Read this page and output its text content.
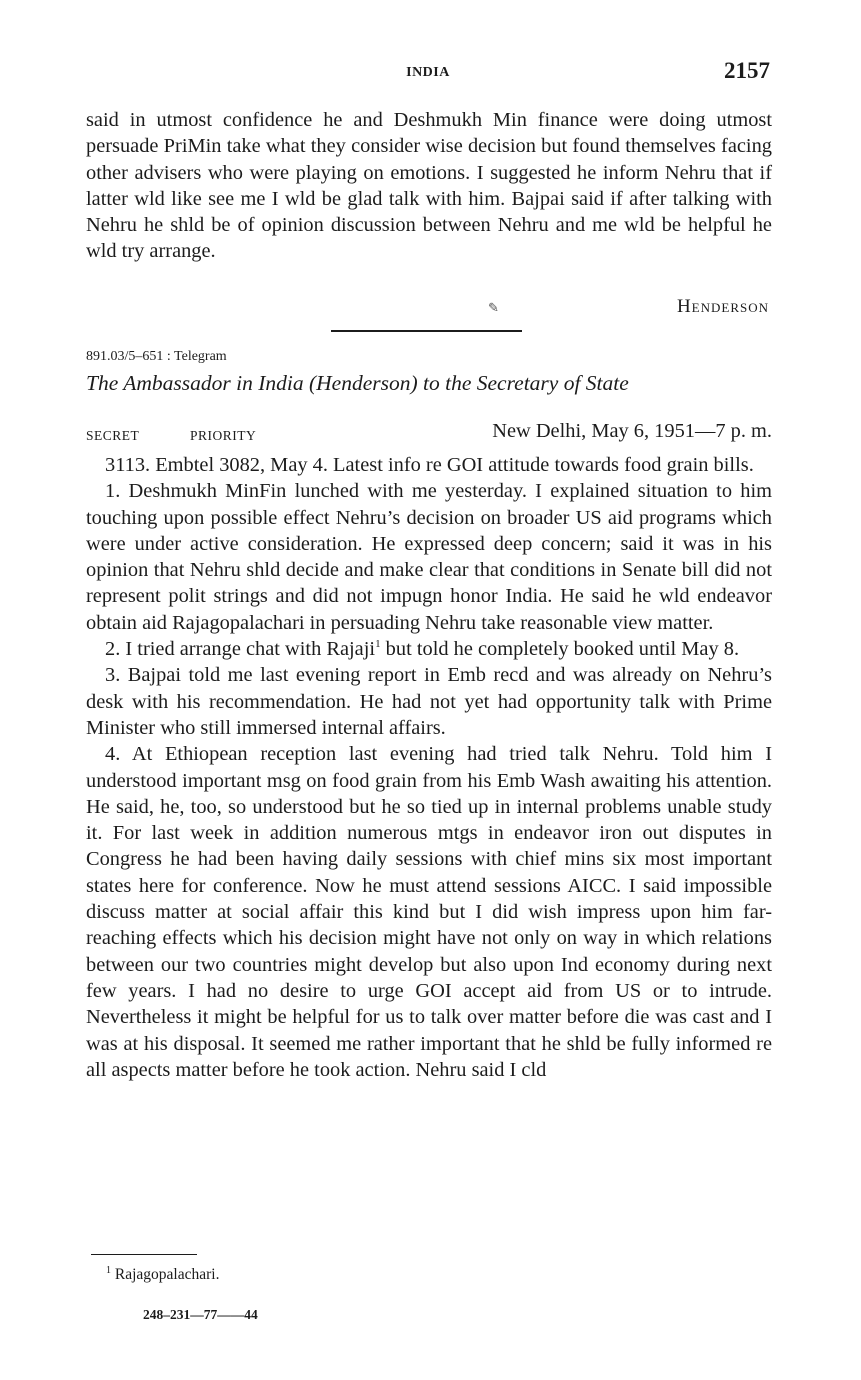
INDIA	2157

said in utmost confidence he and Deshmukh Min finance were doing utmost persuade PriMin take what they consider wise decision but found themselves facing other advisers who were playing on emotions. I suggested he inform Nehru that if latter wld like see me I wld be glad talk with him. Bajpai said if after talking with Nehru he shld be of opinion discussion between Nehru and me wld be helpful he wld try arrange.

✎	Henderson
891.03/5–651 : Telegram
The Ambassador in India (Henderson) to the Secretary of State
SECRET	PRIORITY	New Delhi, May 6, 1951—7 p. m.

3113. Embtel 3082, May 4. Latest info re GOI attitude towards food grain bills.

1. Deshmukh MinFin lunched with me yesterday. I explained situation to him touching upon possible effect Nehru’s decision on broader US aid programs which were under active consideration. He expressed deep concern; said it was in his opinion that Nehru shld decide and make clear that conditions in Senate bill did not represent polit strings and did not impugn honor India. He said he wld endeavor obtain aid Rajagopalachari in persuading Nehru take reasonable view matter.

2. I tried arrange chat with Rajaji$^1$ but told he completely booked until May 8.

3. Bajpai told me last evening report in Emb recd and was already on Nehru’s desk with his recommendation. He had not yet had opportunity talk with Prime Minister who still immersed internal affairs.

4. At Ethiopean reception last evening had tried talk Nehru. Told him I understood important msg on food grain from his Emb Wash awaiting his attention. He said, he, too, so understood but he so tied up in internal problems unable study it. For last week in addition numerous mtgs in endeavor iron out disputes in Congress he had been having daily sessions with chief mins six most important states here for conference. Now he must attend sessions AICC. I said impossible discuss matter at social affair this kind but I did wish impress upon him far-reaching effects which his decision might have not only on way in which relations between our two countries might develop but also upon Ind economy during next few years. I had no desire to urge GOI accept aid from US or to intrude. Nevertheless it might be helpful for us to talk over matter before die was cast and I was at his disposal. It seemed me rather important that he shld be fully informed re all aspects matter before he took action. Nehru said I cld

$^1$ Rajagopalachari.
248–231—77——44
